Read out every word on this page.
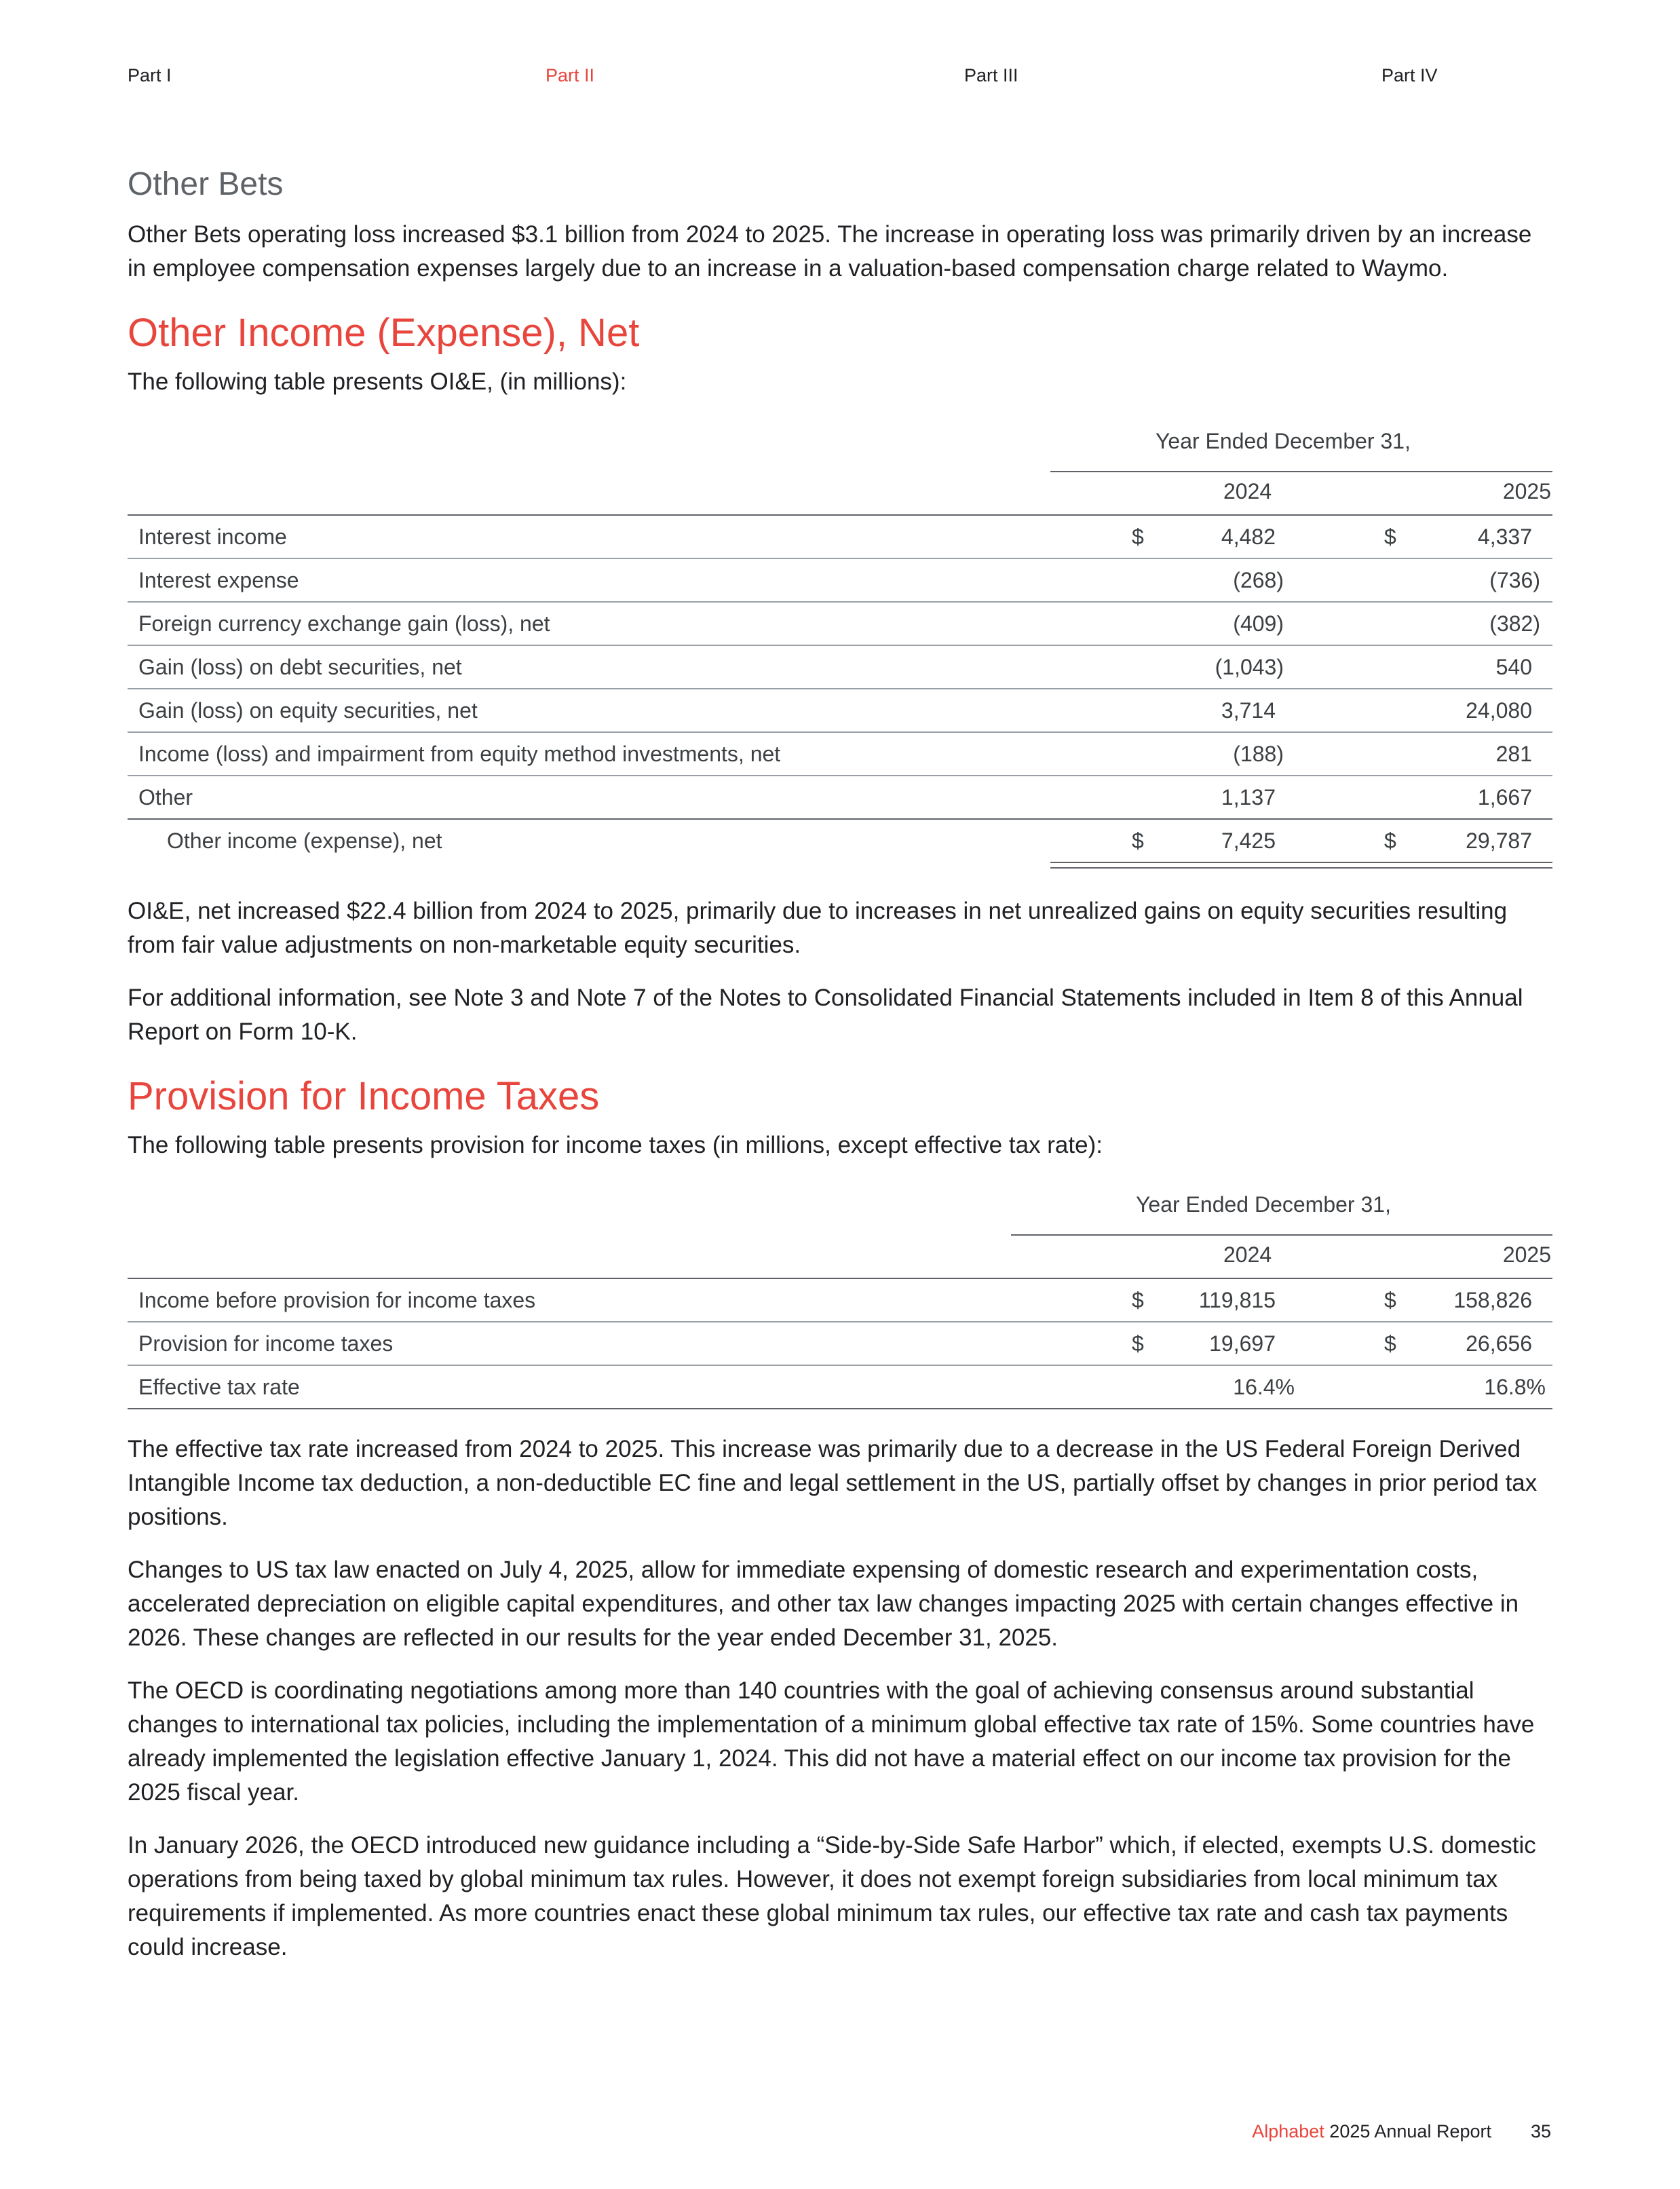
Part I	Part II	Part III	Part IV
Other Bets

Other Bets operating loss increased $3.1 billion from 2024 to 2025. The increase in operating loss was primarily driven by an increase in employee compensation expenses largely due to an increase in a valuation-based compensation charge related to Waymo.

Other Income (Expense), Net

The following table presents OI&E, (in millions):

Year Ended December 31,
2024	2025
Interest income	$	4,482	$	4,337
Interest expense	(268)	(736)
Foreign currency exchange gain (loss), net	(409)	(382)
Gain (loss) on debt securities, net	(1,043)	540
Gain (loss) on equity securities, net	3,714	24,080
Income (loss) and impairment from equity method investments, net	(188)	281
Other	1,137	1,667
Other income (expense), net	$	7,425	$	29,787

OI&E, net increased $22.4 billion from 2024 to 2025, primarily due to increases in net unrealized gains on equity securities resulting from fair value adjustments on non-marketable equity securities.

For additional information, see Note 3 and Note 7 of the Notes to Consolidated Financial Statements included in Item 8 of this Annual Report on Form 10-K.

Provision for Income Taxes

The following table presents provision for income taxes (in millions, except effective tax rate):

Year Ended December 31,
2024	2025
Income before provision for income taxes	$	119,815	$	158,826
Provision for income taxes	$	19,697	$	26,656
Effective tax rate	16.4%	16.8%

The effective tax rate increased from 2024 to 2025. This increase was primarily due to a decrease in the US Federal Foreign Derived Intangible Income tax deduction, a non-deductible EC fine and legal settlement in the US, partially offset by changes in prior period tax positions.

Changes to US tax law enacted on July 4, 2025, allow for immediate expensing of domestic research and experimentation costs, accelerated depreciation on eligible capital expenditures, and other tax law changes impacting 2025 with certain changes effective in 2026. These changes are reflected in our results for the year ended December 31, 2025.

The OECD is coordinating negotiations among more than 140 countries with the goal of achieving consensus around substantial changes to international tax policies, including the implementation of a minimum global effective tax rate of 15%. Some countries have already implemented the legislation effective January 1, 2024. This did not have a material effect on our income tax provision for the 2025 fiscal year.

In January 2026, the OECD introduced new guidance including a “Side-by-Side Safe Harbor” which, if elected, exempts U.S. domestic operations from being taxed by global minimum tax rules. However, it does not exempt foreign subsidiaries from local minimum tax requirements if implemented. As more countries enact these global minimum tax rules, our effective tax rate and cash tax payments could increase.

Alphabet 2025 Annual Report 35
